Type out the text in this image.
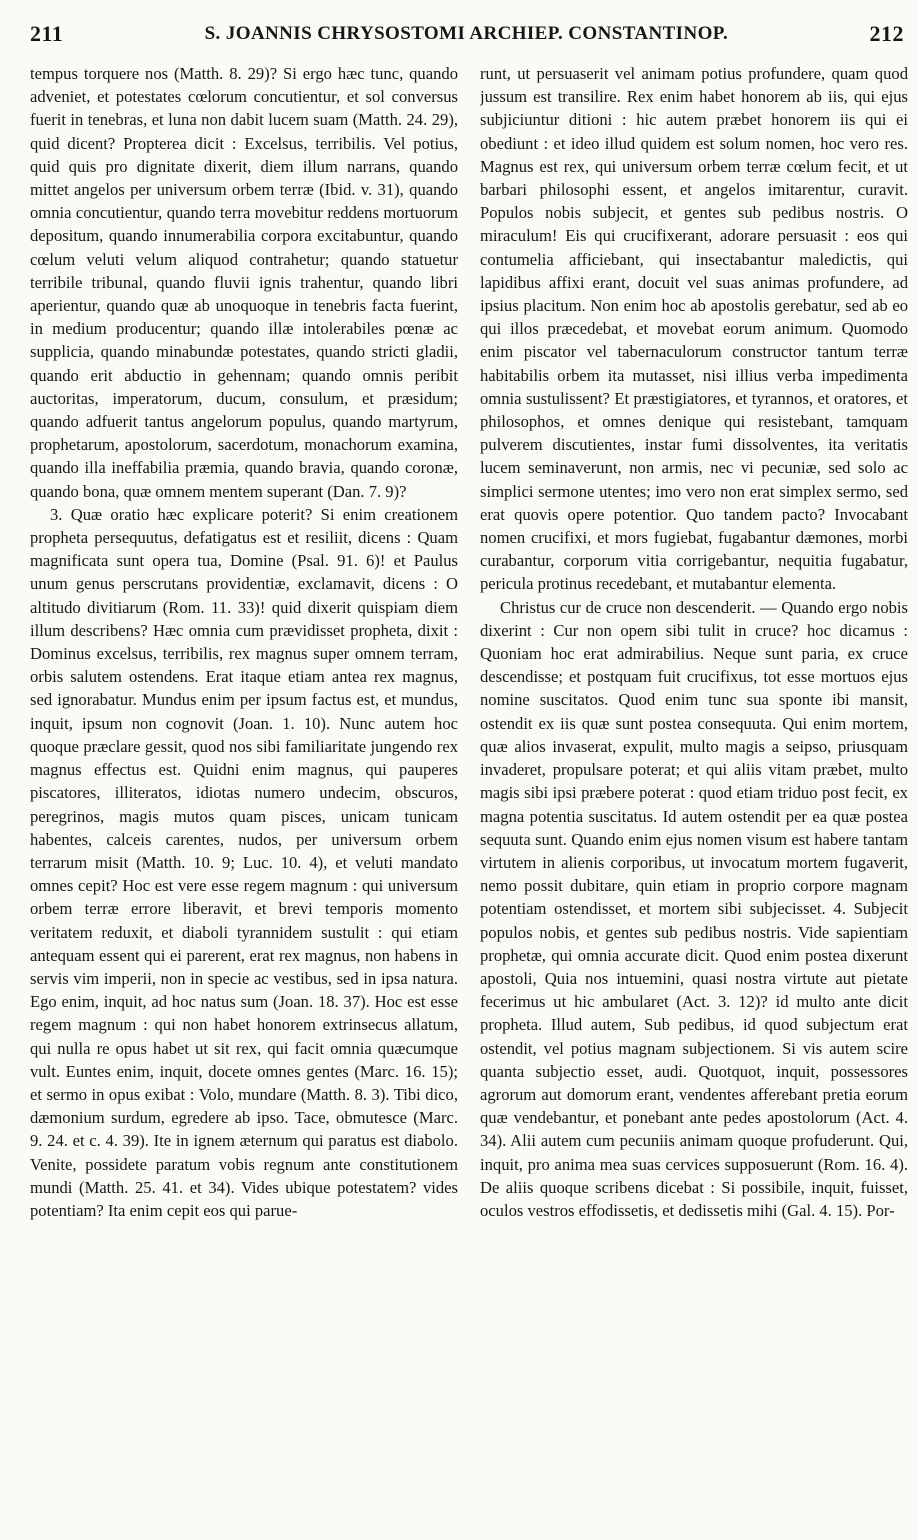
211	S. JOANNIS CHRYSOSTOMI ARCHIEP. CONSTANTINOP.	212

tempus torquere nos (Matth. 8. 29)? Si ergo hæc tunc, quando adveniet, et potestates cœlorum concutientur, et sol conversus fuerit in tenebras, et luna non dabit lucem suam (Matth. 24. 29), quid dicent? Propterea dicit : Excelsus, terribilis. Vel potius, quid quis pro dignitate dixerit, diem illum narrans, quando mittet angelos per universum orbem terræ (Ibid. v. 31), quando omnia concutientur, quando terra movebitur reddens mortuorum depositum, quando innumerabilia corpora excitabuntur, quando cœlum veluti velum aliquod contrahetur; quando statuetur terribile tribunal, quando fluvii ignis trahentur, quando libri aperientur, quando quæ ab unoquoque in tenebris facta fuerint, in medium producentur; quando illæ intolerabiles pœnæ ac supplicia, quando minabundæ potestates, quando stricti gladii, quando erit abductio in gehennam; quando omnis peribit auctoritas, imperatorum, ducum, consulum, et præsidum; quando adfuerit tantus angelorum populus, quando martyrum, prophetarum, apostolorum, sacerdotum, monachorum examina, quando illa ineffabilia præmia, quando bravia, quando coronæ, quando bona, quæ omnem mentem superant (Dan. 7. 9)?

3. Quæ oratio hæc explicare poterit? Si enim creationem propheta persequutus, defatigatus est et resiliit, dicens : Quam magnificata sunt opera tua, Domine (Psal. 91. 6)! et Paulus unum genus perscrutans providentiæ, exclamavit, dicens : O altitudo divitiarum (Rom. 11. 33)! quid dixerit quispiam diem illum describens? Hæc omnia cum prævidisset propheta, dixit : Dominus excelsus, terribilis, rex magnus super omnem terram, orbis salutem ostendens. Erat itaque etiam antea rex magnus, sed ignorabatur. Mundus enim per ipsum factus est, et mundus, inquit, ipsum non cognovit (Joan. 1. 10). Nunc autem hoc quoque præclare gessit, quod nos sibi familiaritate jungendo rex magnus effectus est. Quidni enim magnus, qui pauperes piscatores, illiteratos, idiotas numero undecim, obscuros, peregrinos, magis mutos quam pisces, unicam tunicam habentes, calceis carentes, nudos, per universum orbem terrarum misit (Matth. 10. 9; Luc. 10. 4), et veluti mandato omnes cepit? Hoc est vere esse regem magnum : qui universum orbem terræ errore liberavit, et brevi temporis momento veritatem reduxit, et diaboli tyrannidem sustulit : qui etiam antequam essent qui ei parerent, erat rex magnus, non habens in servis vim imperii, non in specie ac vestibus, sed in ipsa natura. Ego enim, inquit, ad hoc natus sum (Joan. 18. 37). Hoc est esse regem magnum : qui non habet honorem extrinsecus allatum, qui nulla re opus habet ut sit rex, qui facit omnia quæcumque vult. Euntes enim, inquit, docete omnes gentes (Marc. 16. 15); et sermo in opus exibat : Volo, mundare (Matth. 8. 3). Tibi dico, dæmonium surdum, egredere ab ipso. Tace, obmutesce (Marc. 9. 24. et c. 4. 39). Ite in ignem æternum qui paratus est diabolo. Venite, possidete paratum vobis regnum ante constitutionem mundi (Matth. 25. 41. et 34). Vides ubique potestatem? vides potentiam? Ita enim cepit eos qui parue-

runt, ut persuaserit vel animam potius profundere, quam quod jussum est transilire. Rex enim habet honorem ab iis, qui ejus subjiciuntur ditioni : hic autem præbet honorem iis qui ei obediunt : et ideo illud quidem est solum nomen, hoc vero res. Magnus est rex, qui universum orbem terræ cœlum fecit, et ut barbari philosophi essent, et angelos imitarentur, curavit. Populos nobis subjecit, et gentes sub pedibus nostris. O miraculum! Eis qui crucifixerant, adorare persuasit : eos qui contumelia afficiebant, qui insectabantur maledictis, qui lapidibus affixi erant, docuit vel suas animas profundere, ad ipsius placitum. Non enim hoc ab apostolis gerebatur, sed ab eo qui illos præcedebat, et movebat eorum animum. Quomodo enim piscator vel tabernaculorum constructor tantum terræ habitabilis orbem ita mutasset, nisi illius verba impedimenta omnia sustulissent? Et præstigiatores, et tyrannos, et oratores, et philosophos, et omnes denique qui resistebant, tamquam pulverem discutientes, instar fumi dissolventes, ita veritatis lucem seminaverunt, non armis, nec vi pecuniæ, sed solo ac simplici sermone utentes; imo vero non erat simplex sermo, sed erat quovis opere potentior. Quo tandem pacto? Invocabant nomen crucifixi, et mors fugiebat, fugabantur dæmones, morbi curabantur, corporum vitia corrigebantur, nequitia fugabatur, pericula protinus recedebant, et mutabantur elementa.

Christus cur de cruce non descenderit. — Quando ergo nobis dixerint : Cur non opem sibi tulit in cruce? hoc dicamus : Quoniam hoc erat admirabilius. Neque sunt paria, ex cruce descendisse; et postquam fuit crucifixus, tot esse mortuos ejus nomine suscitatos. Quod enim tunc sua sponte ibi mansit, ostendit ex iis quæ sunt postea consequuta. Qui enim mortem, quæ alios invaserat, expulit, multo magis a seipso, priusquam invaderet, propulsare poterat; et qui aliis vitam præbet, multo magis sibi ipsi præbere poterat : quod etiam triduo post fecit, ex magna potentia suscitatus. Id autem ostendit per ea quæ postea sequuta sunt. Quando enim ejus nomen visum est habere tantam virtutem in alienis corporibus, ut invocatum mortem fugaverit, nemo possit dubitare, quin etiam in proprio corpore magnam potentiam ostendisset, et mortem sibi subjecisset. 4. Subjecit populos nobis, et gentes sub pedibus nostris. Vide sapientiam prophetæ, qui omnia accurate dicit. Quod enim postea dixerunt apostoli, Quia nos intuemini, quasi nostra virtute aut pietate fecerimus ut hic ambularet (Act. 3. 12)? id multo ante dicit propheta. Illud autem, Sub pedibus, id quod subjectum erat ostendit, vel potius magnam subjectionem. Si vis autem scire quanta subjectio esset, audi. Quotquot, inquit, possessores agrorum aut domorum erant, vendentes afferebant pretia eorum quæ vendebantur, et ponebant ante pedes apostolorum (Act. 4. 34). Alii autem cum pecuniis animam quoque profuderunt. Qui, inquit, pro anima mea suas cervices supposuerunt (Rom. 16. 4). De aliis quoque scribens dicebat : Si possibile, inquit, fuisset, oculos vestros effodissetis, et dedissetis mihi (Gal. 4. 15). Por-
